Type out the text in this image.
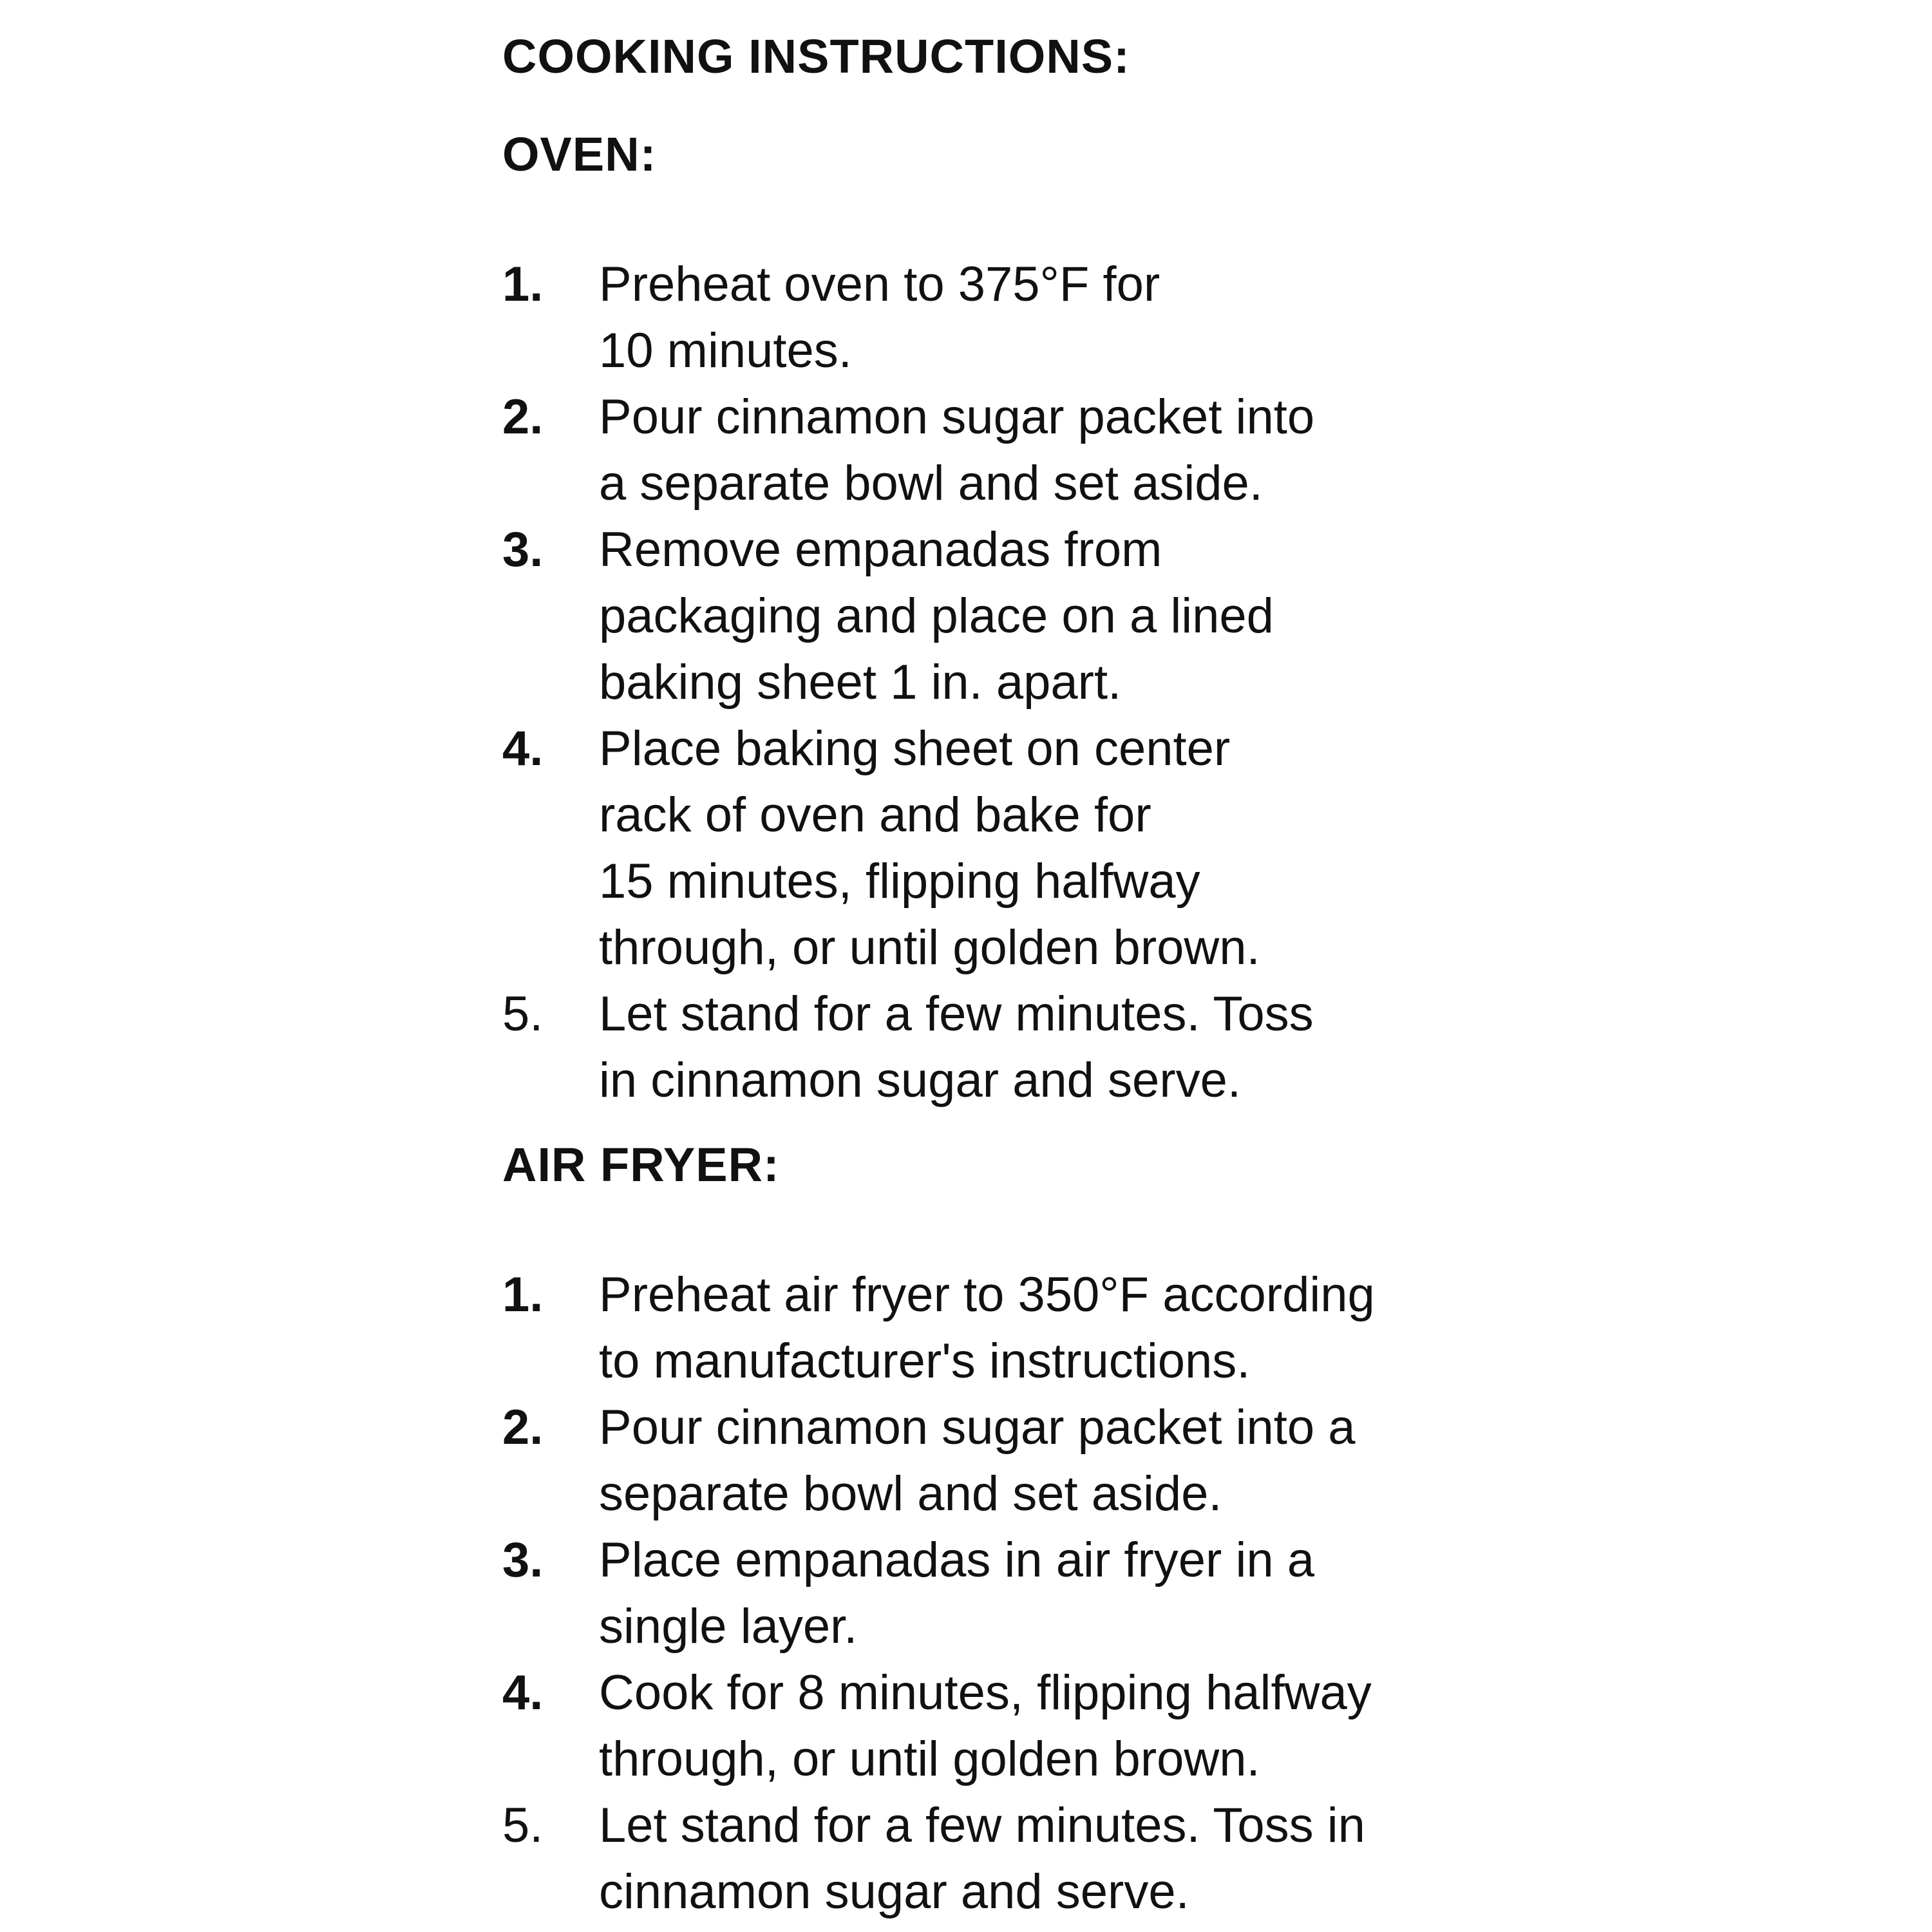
COOKING INSTRUCTIONS:
OVEN:
1.	Preheat oven to 375°F for
10 minutes.
2.	Pour cinnamon sugar packet into
a separate bowl and set aside.
3.	Remove empanadas from
packaging and place on a lined
baking sheet 1 in. apart.
4.	Place baking sheet on center
rack of oven and bake for
15 minutes, flipping halfway
through, or until golden brown.
5.	Let stand for a few minutes. Toss
in cinnamon sugar and serve.
AIR FRYER:
1.	Preheat air fryer to 350°F according
to manufacturer's instructions.
2.	Pour cinnamon sugar packet into a
separate bowl and set aside.
3.	Place empanadas in air fryer in a
single layer.
4.	Cook for 8 minutes, flipping halfway
through, or until golden brown.
5.	Let stand for a few minutes. Toss in
cinnamon sugar and serve.
